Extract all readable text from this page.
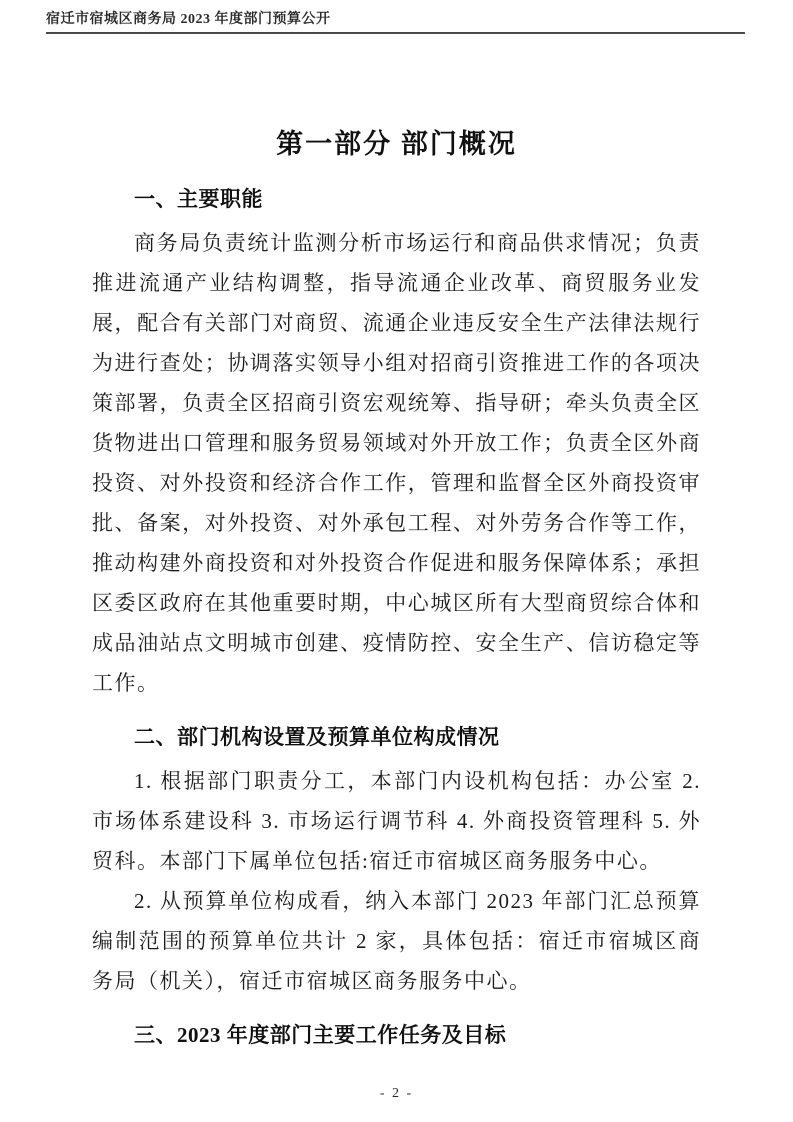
宿迁市宿城区商务局 2023 年度部门预算公开
第一部分 部门概况
一、主要职能

商务局负责统计监测分析市场运行和商品供求情况；负责推进流通产业结构调整，指导流通企业改革、商贸服务业发展，配合有关部门对商贸、流通企业违反安全生产法律法规行为进行查处；协调落实领导小组对招商引资推进工作的各项决策部署，负责全区招商引资宏观统筹、指导研；牵头负责全区货物进出口管理和服务贸易领域对外开放工作；负责全区外商投资、对外投资和经济合作工作，管理和监督全区外商投资审批、备案，对外投资、对外承包工程、对外劳务合作等工作，推动构建外商投资和对外投资合作促进和服务保障体系；承担区委区政府在其他重要时期，中心城区所有大型商贸综合体和成品油站点文明城市创建、疫情防控、安全生产、信访稳定等工作。

二、部门机构设置及预算单位构成情况

1. 根据部门职责分工，本部门内设机构包括：办公室 2. 市场体系建设科 3. 市场运行调节科 4. 外商投资管理科 5. 外贸科。本部门下属单位包括:宿迁市宿城区商务服务中心。

2. 从预算单位构成看，纳入本部门 2023 年部门汇总预算编制范围的预算单位共计 2 家，具体包括：宿迁市宿城区商务局（机关），宿迁市宿城区商务服务中心。

三、2023 年度部门主要工作任务及目标
- 2 -
